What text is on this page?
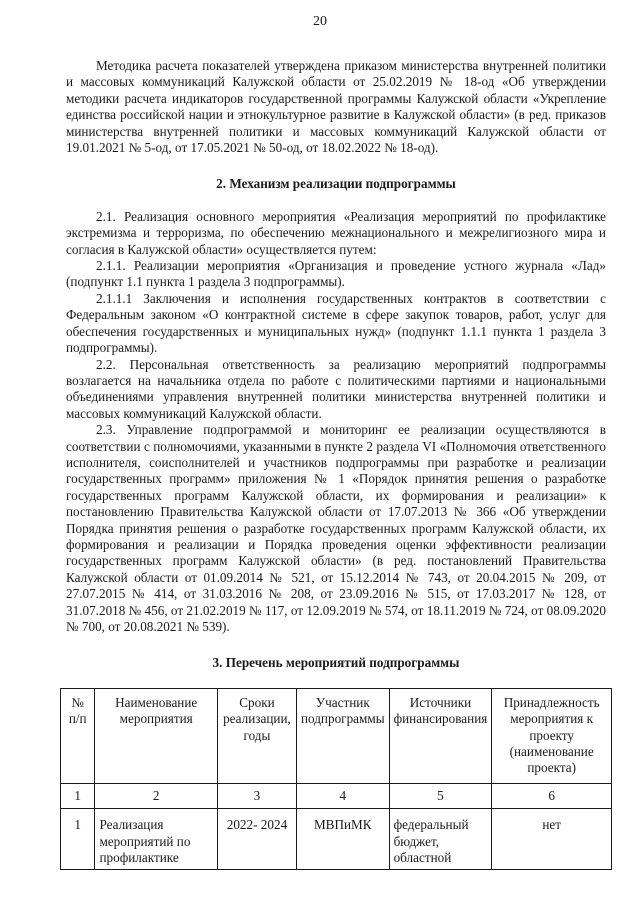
20

Методика расчета показателей утверждена приказом министерства внутренней политики и массовых коммуникаций Калужской области от 25.02.2019 № 18-од «Об утверждении методики расчета индикаторов государственной программы Калужской области «Укрепление единства российской нации и этнокультурное развитие в Калужской области» (в ред. приказов министерства внутренней политики и массовых коммуникаций Калужской области от 19.01.2021 № 5-од, от 17.05.2021 № 50-од, от 18.02.2022 № 18-од).

2. Механизм реализации подпрограммы

2.1. Реализация основного мероприятия «Реализация мероприятий по профилактике экстремизма и терроризма, по обеспечению межнационального и межрелигиозного мира и согласия в Калужской области» осуществляется путем:

2.1.1. Реализации мероприятия «Организация и проведение устного журнала «Лад» (подпункт 1.1 пункта 1 раздела 3 подпрограммы).

2.1.1.1 Заключения и исполнения государственных контрактов в соответствии с Федеральным законом «О контрактной системе в сфере закупок товаров, работ, услуг для обеспечения государственных и муниципальных нужд» (подпункт 1.1.1 пункта 1 раздела 3 подпрограммы).

2.2. Персональная ответственность за реализацию мероприятий подпрограммы возлагается на начальника отдела по работе с политическими партиями и национальными объединениями управления внутренней политики министерства внутренней политики и массовых коммуникаций Калужской области.

2.3. Управление подпрограммой и мониторинг ее реализации осуществляются в соответствии с полномочиями, указанными в пункте 2 раздела VI «Полномочия ответственного исполнителя, соисполнителей и участников подпрограммы при разработке и реализации государственных программ» приложения № 1 «Порядок принятия решения о разработке государственных программ Калужской области, их формирования и реализации» к постановлению Правительства Калужской области от 17.07.2013 № 366 «Об утверждении Порядка принятия решения о разработке государственных программ Калужской области, их формирования и реализации и Порядка проведения оценки эффективности реализации государственных программ Калужской области» (в ред. постановлений Правительства Калужской области от 01.09.2014 № 521, от 15.12.2014 № 743, от 20.04.2015 № 209, от 27.07.2015 № 414, от 31.03.2016 № 208, от 23.09.2016 № 515, от 17.03.2017 № 128, от 31.07.2018 № 456, от 21.02.2019 № 117, от 12.09.2019 № 574, от 18.11.2019 № 724, от 08.09.2020 № 700, от 20.08.2021 № 539).

3. Перечень мероприятий подпрограммы
№ п/п	Наименование мероприятия	Сроки реализации, годы	Участник подпрограммы	Источники финансирования	Принадлежность мероприятия к проекту (наименование проекта)
1	2	3	4	5	6
1	Реализация мероприятий по профилактике	2022- 2024	МВПиМК	федеральный бюджет, областной	нет
